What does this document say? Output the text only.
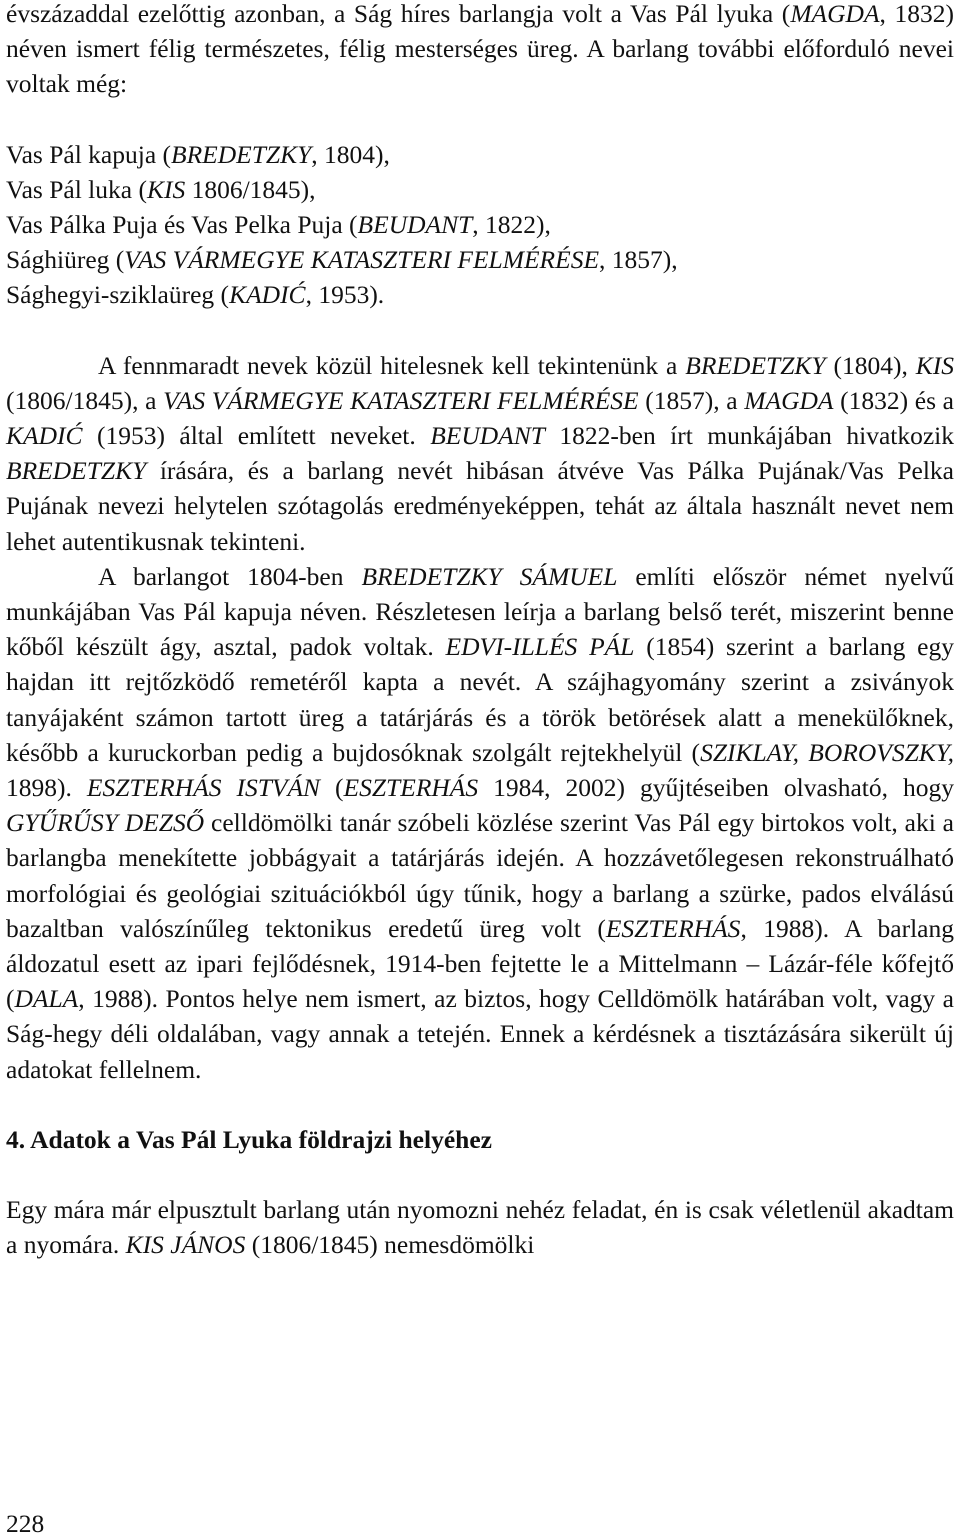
évszázaddal ezelőttig azonban, a Ság híres barlangja volt a Vas Pál lyuka (MAGDA, 1832) néven ismert félig természetes, félig mesterséges üreg. A barlang további előforduló nevei voltak még:

Vas Pál kapuja (BREDETZKY, 1804),
Vas Pál luka (KIS 1806/1845),
Vas Pálka Puja és Vas Pelka Puja (BEUDANT, 1822),
Sághiüreg (VAS VÁRMEGYE KATASZTERI FELMÉRÉSE, 1857),
Sághegyi-sziklaüreg (KADIĆ, 1953).

A fennmaradt nevek közül hitelesnek kell tekintenünk a BREDETZKY (1804), KIS (1806/1845), a VAS VÁRMEGYE KATASZTERI FELMÉRÉSE (1857), a MAGDA (1832) és a KADIĆ (1953) által említett neveket. BEUDANT 1822-ben írt munkájában hivatkozik BREDETZKY írására, és a barlang nevét hibásan átvéve Vas Pálka Pujának/Vas Pelka Pujának nevezi helytelen szótagolás eredményeképpen, tehát az általa használt nevet nem lehet autentikusnak tekinteni.

A barlangot 1804-ben BREDETZKY SÁMUEL említi először német nyelvű munkájában Vas Pál kapuja néven. Részletesen leírja a barlang belső terét, miszerint benne kőből készült ágy, asztal, padok voltak. EDVI-ILLÉS PÁL (1854) szerint a barlang egy hajdan itt rejtőzködő remetéről kapta a nevét. A szájhagyomány szerint a zsiványok tanyájaként számon tartott üreg a tatárjárás és a török betörések alatt a menekülőknek, később a kuruckorban pedig a bujdosóknak szolgált rejtekhelyül (SZIKLAY, BOROVSZKY, 1898). ESZTERHÁS ISTVÁN (ESZTERHÁS 1984, 2002) gyűjtéseiben olvasható, hogy GYŰRŰSY DEZSŐ celldömölki tanár szóbeli közlése szerint Vas Pál egy birtokos volt, aki a barlangba menekítette jobbágyait a tatárjárás idején. A hozzávetőlegesen rekonstruálható morfológiai és geológiai szituációkból úgy tűnik, hogy a barlang a szürke, pados elválású bazaltban valószínűleg tektonikus eredetű üreg volt (ESZTERHÁS, 1988). A barlang áldozatul esett az ipari fejlődésnek, 1914-ben fejtette le a Mittelmann – Lázár-féle kőfejtő (DALA, 1988). Pontos helye nem ismert, az biztos, hogy Celldömölk határában volt, vagy a Ság-hegy déli oldalában, vagy annak a tetején. Ennek a kérdésnek a tisztázására sikerült új adatokat fellelnem.

4. Adatok a Vas Pál Lyuka földrajzi helyéhez

Egy mára már elpusztult barlang után nyomozni nehéz feladat, én is csak véletlenül akadtam a nyomára. KIS JÁNOS (1806/1845) nemesdömölki

228
